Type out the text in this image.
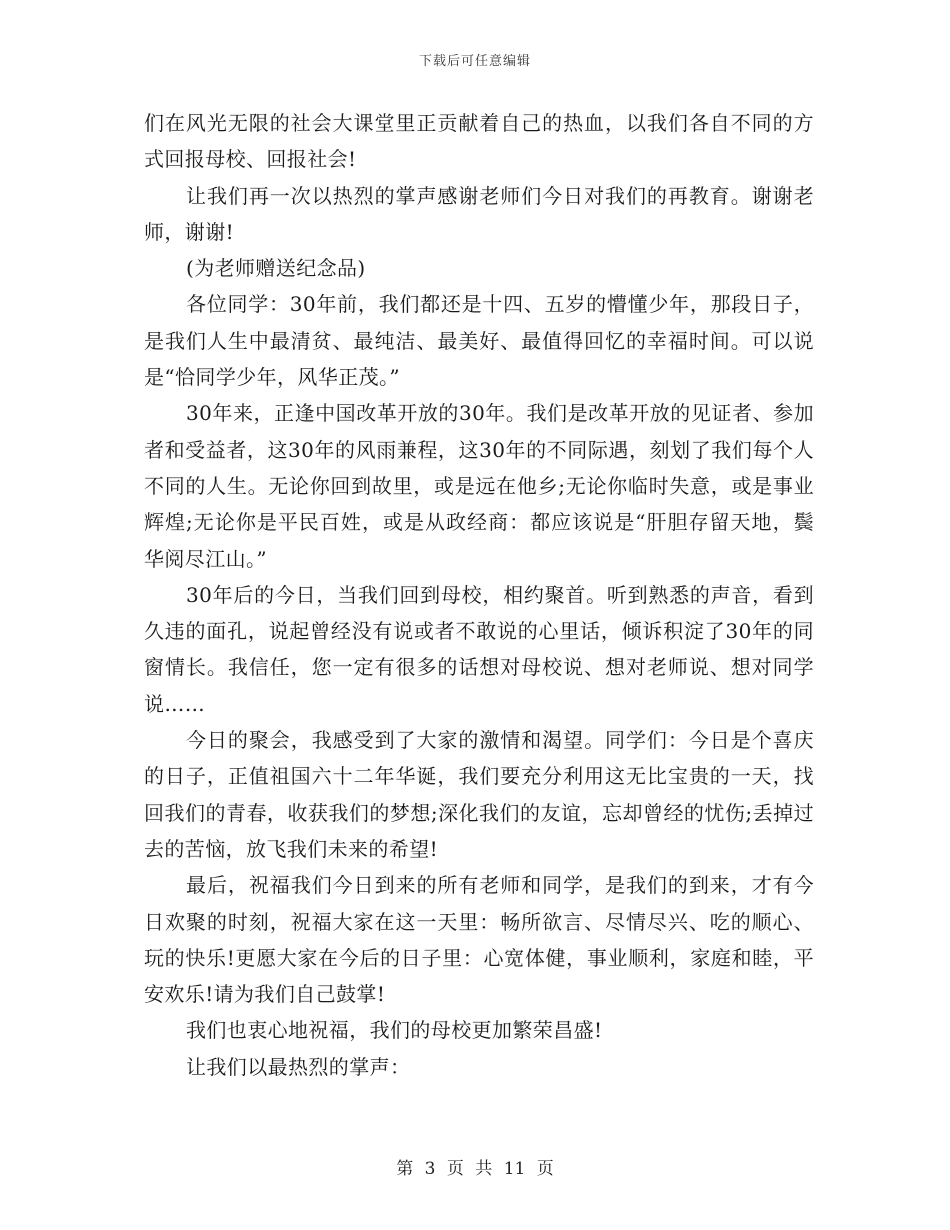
下载后可任意编辑

们在风光无限的社会大课堂里正贡献着自己的热血，以我们各自不同的方式回报母校、回报社会!

让我们再一次以热烈的掌声感谢老师们今日对我们的再教育。谢谢老师，谢谢!

(为老师赠送纪念品)

各位同学：30年前，我们都还是十四、五岁的懵懂少年，那段日子，是我们人生中最清贫、最纯洁、最美好、最值得回忆的幸福时间。可以说是“恰同学少年，风华正茂。”

30年来，正逢中国改革开放的30年。我们是改革开放的见证者、参加者和受益者，这30年的风雨兼程，这30年的不同际遇，刻划了我们每个人不同的人生。无论你回到故里，或是远在他乡;无论你临时失意，或是事业辉煌;无论你是平民百姓，或是从政经商：都应该说是“肝胆存留天地，鬓华阅尽江山。”

30年后的今日，当我们回到母校，相约聚首。听到熟悉的声音，看到久违的面孔，说起曾经没有说或者不敢说的心里话，倾诉积淀了30年的同窗情长。我信任，您一定有很多的话想对母校说、想对老师说、想对同学说……

今日的聚会，我感受到了大家的激情和渴望。同学们：今日是个喜庆的日子，正值祖国六十二年华诞，我们要充分利用这无比宝贵的一天，找回我们的青春，收获我们的梦想;深化我们的友谊，忘却曾经的忧伤;丢掉过去的苦恼，放飞我们未来的希望!

最后，祝福我们今日到来的所有老师和同学，是我们的到来，才有今日欢聚的时刻，祝福大家在这一天里：畅所欲言、尽情尽兴、吃的顺心、玩的快乐!更愿大家在今后的日子里：心宽体健，事业顺利，家庭和睦，平安欢乐!请为我们自己鼓掌!

我们也衷心地祝福，我们的母校更加繁荣昌盛!

让我们以最热烈的掌声：

第 3 页 共 11 页
